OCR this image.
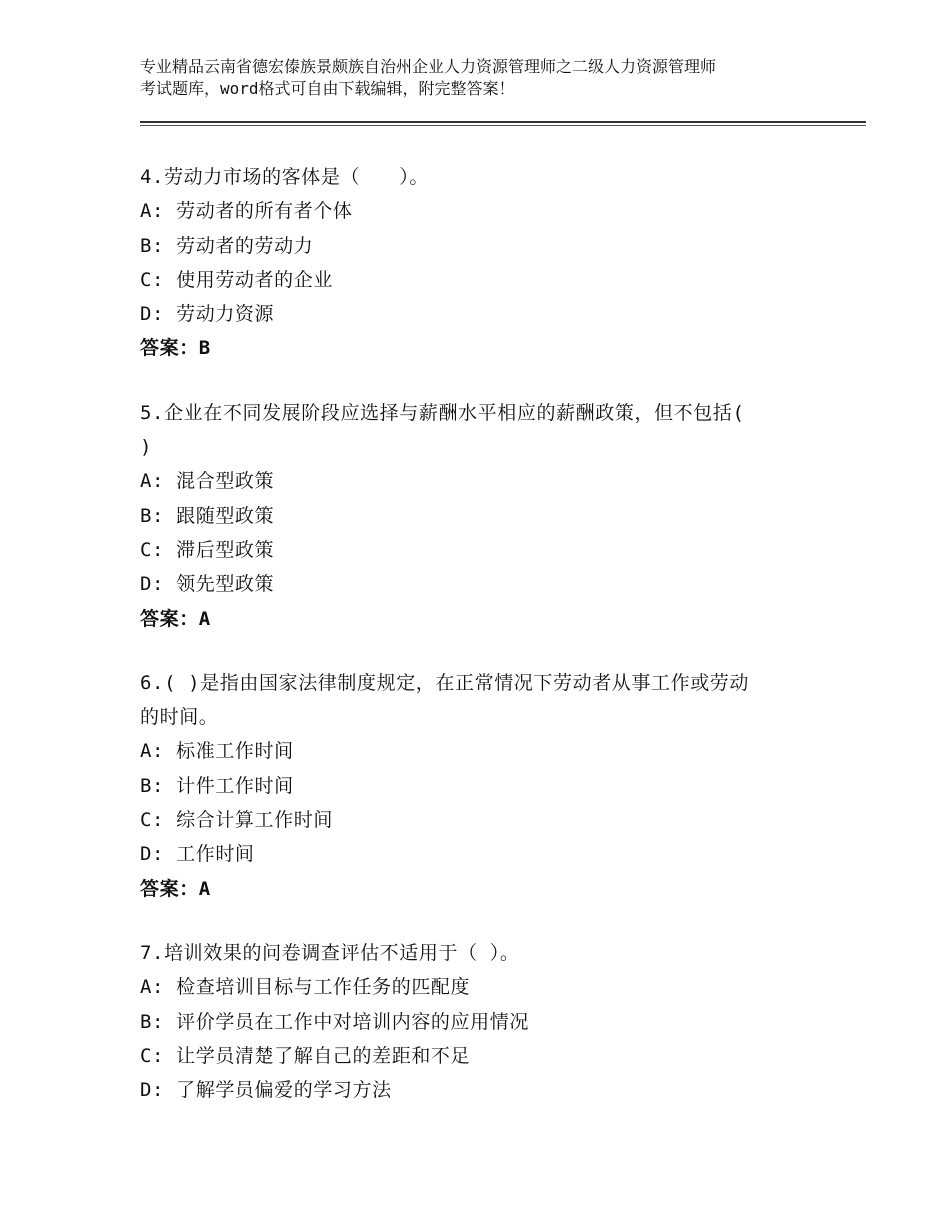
专业精品云南省德宏傣族景颇族自治州企业人力资源管理师之二级人力资源管理师
考试题库，word格式可自由下载编辑，附完整答案！
4.劳动力市场的客体是（　　）。
A: 劳动者的所有者个体
B: 劳动者的劳动力
C: 使用劳动者的企业
D: 劳动力资源
答案：B
5.企业在不同发展阶段应选择与薪酬水平相应的薪酬政策，但不包括(
)
A: 混合型政策
B: 跟随型政策
C: 滞后型政策
D: 领先型政策
答案：A
6.( )是指由国家法律制度规定，在正常情况下劳动者从事工作或劳动
的时间。
A: 标准工作时间
B: 计件工作时间
C: 综合计算工作时间
D: 工作时间
答案：A
7.培训效果的问卷调查评估不适用于（ ）。
A: 检查培训目标与工作任务的匹配度
B: 评价学员在工作中对培训内容的应用情况
C: 让学员清楚了解自己的差距和不足
D: 了解学员偏爱的学习方法
